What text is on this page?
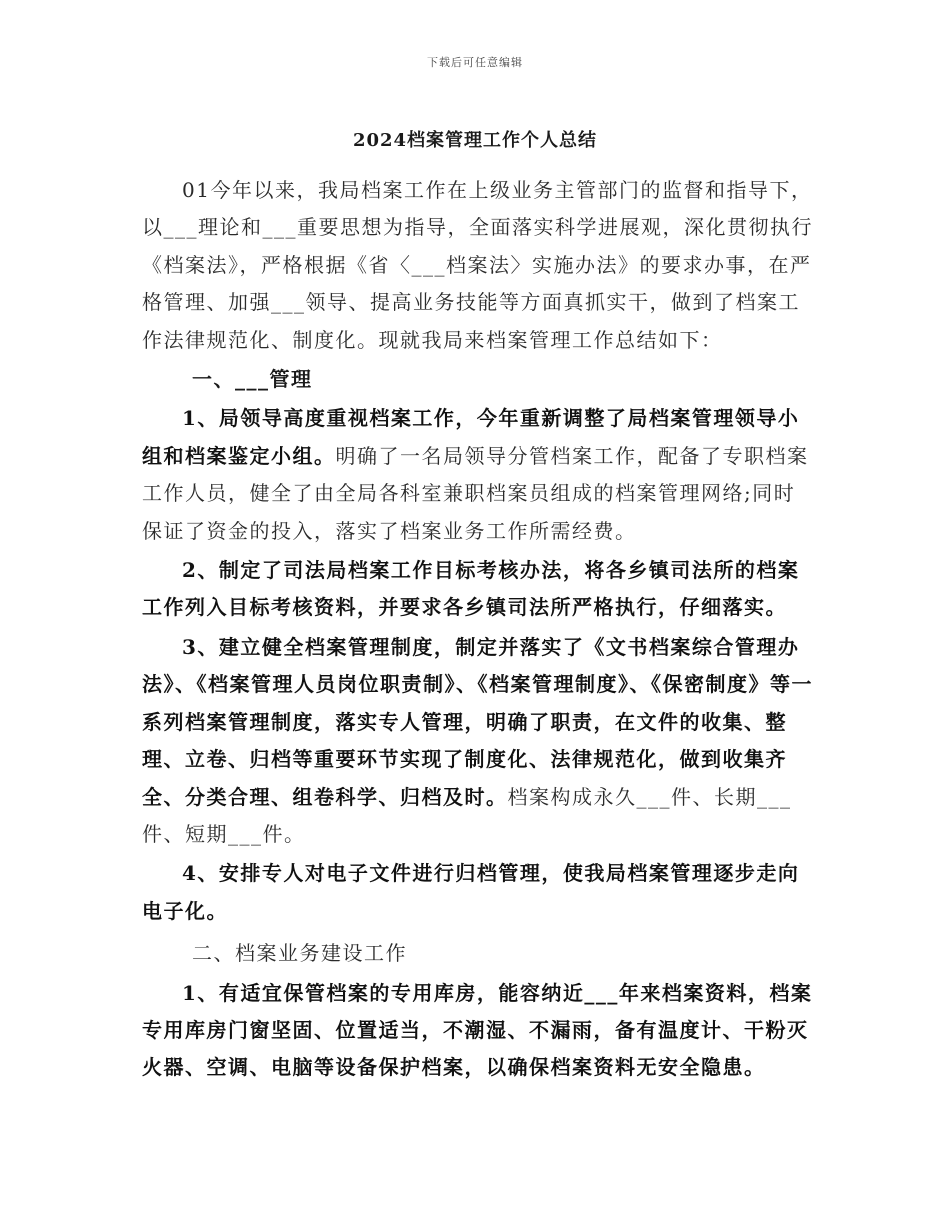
下载后可任意编辑
2024档案管理工作个人总结

01今年以来，我局档案工作在上级业务主管部门的监督和指导下，以___理论和___重要思想为指导，全面落实科学进展观，深化贯彻执行《档案法》，严格根据《省〈___档案法〉实施办法》的要求办事，在严格管理、加强___领导、提高业务技能等方面真抓实干，做到了档案工作法律规范化、制度化。现就我局来档案管理工作总结如下：

一、___管理

1、局领导高度重视档案工作，今年重新调整了局档案管理领导小组和档案鉴定小组。明确了一名局领导分管档案工作，配备了专职档案工作人员，健全了由全局各科室兼职档案员组成的档案管理网络;同时保证了资金的投入，落实了档案业务工作所需经费。

2、制定了司法局档案工作目标考核办法，将各乡镇司法所的档案工作列入目标考核资料，并要求各乡镇司法所严格执行，仔细落实。

3、建立健全档案管理制度，制定并落实了《文书档案综合管理办法》、《档案管理人员岗位职责制》、《档案管理制度》、《保密制度》等一系列档案管理制度，落实专人管理，明确了职责，在文件的收集、整理、立卷、归档等重要环节实现了制度化、法律规范化，做到收集齐全、分类合理、组卷科学、归档及时。档案构成永久___件、长期___件、短期___件。

4、安排专人对电子文件进行归档管理，使我局档案管理逐步走向电子化。

二、档案业务建设工作

1、有适宜保管档案的专用库房，能容纳近___年来档案资料，档案专用库房门窗坚固、位置适当，不潮湿、不漏雨，备有温度计、干粉灭火器、空调、电脑等设备保护档案，以确保档案资料无安全隐患。
